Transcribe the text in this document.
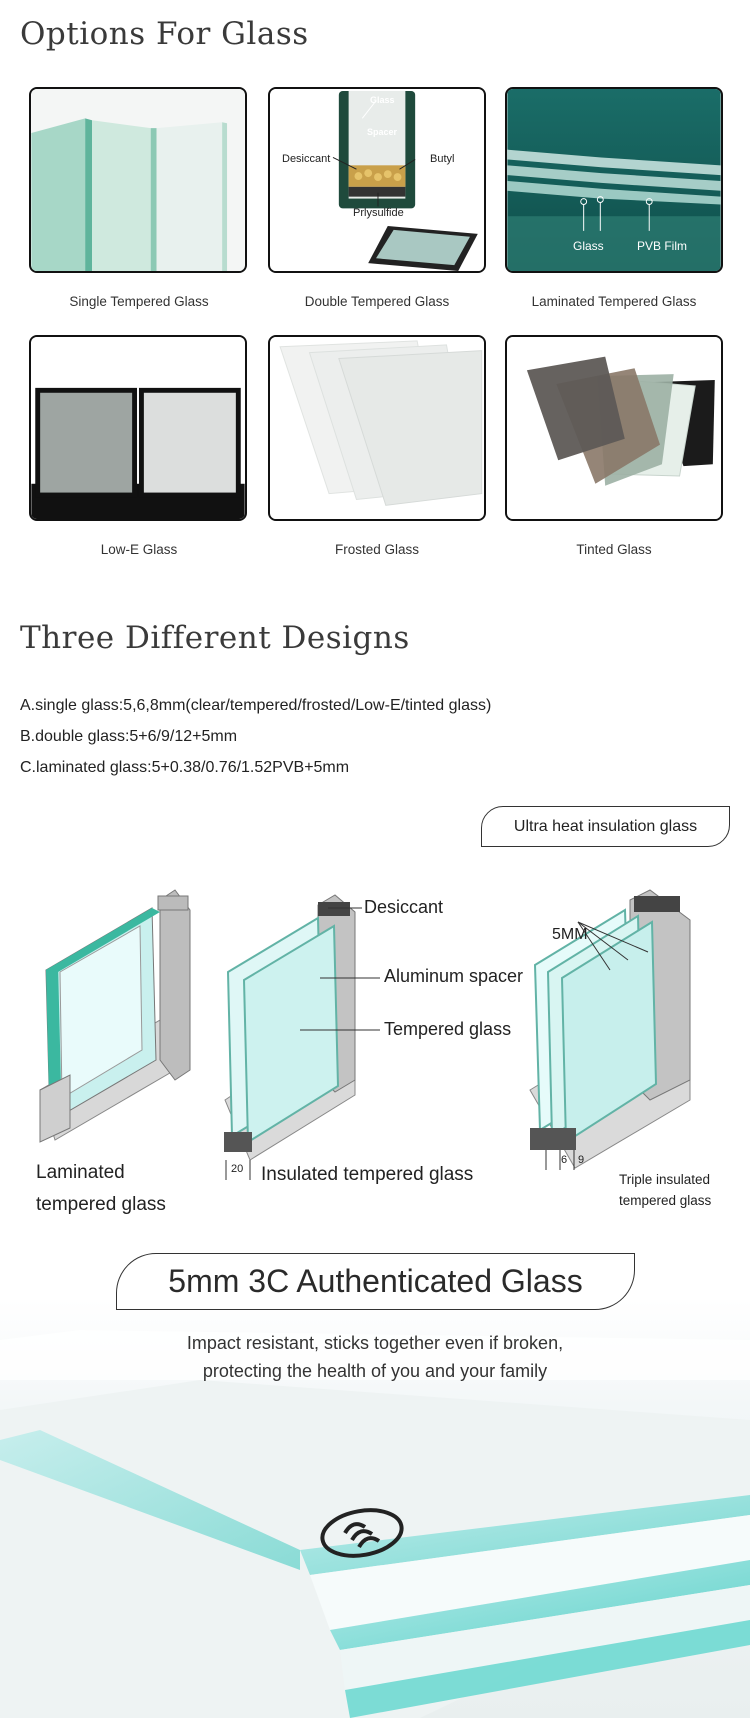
Options For Glass
Single Tempered Glass
Glass
Spacer
Desiccant	Butyl
Prlysulfide
Double Tempered Glass
Glass	PVB Film
Laminated Tempered Glass
Low-E Glass	Frosted Glass	Tinted Glass
Three Different Designs
A.single glass:5,6,8mm(clear/tempered/frosted/Low-E/tinted glass)
B.double glass:5+6/9/12+5mm
C.laminated glass:5+0.38/0.76/1.52PVB+5mm
Ultra heat insulation glass
Desiccant
Aluminum spacer
Tempered glass
5MM
20
6 9
Laminated
tempered glass
Insulated tempered glass	Triple insulated
tempered glass
5mm 3C Authenticated Glass
Impact resistant, sticks together even if broken,
protecting the health of you and your family
